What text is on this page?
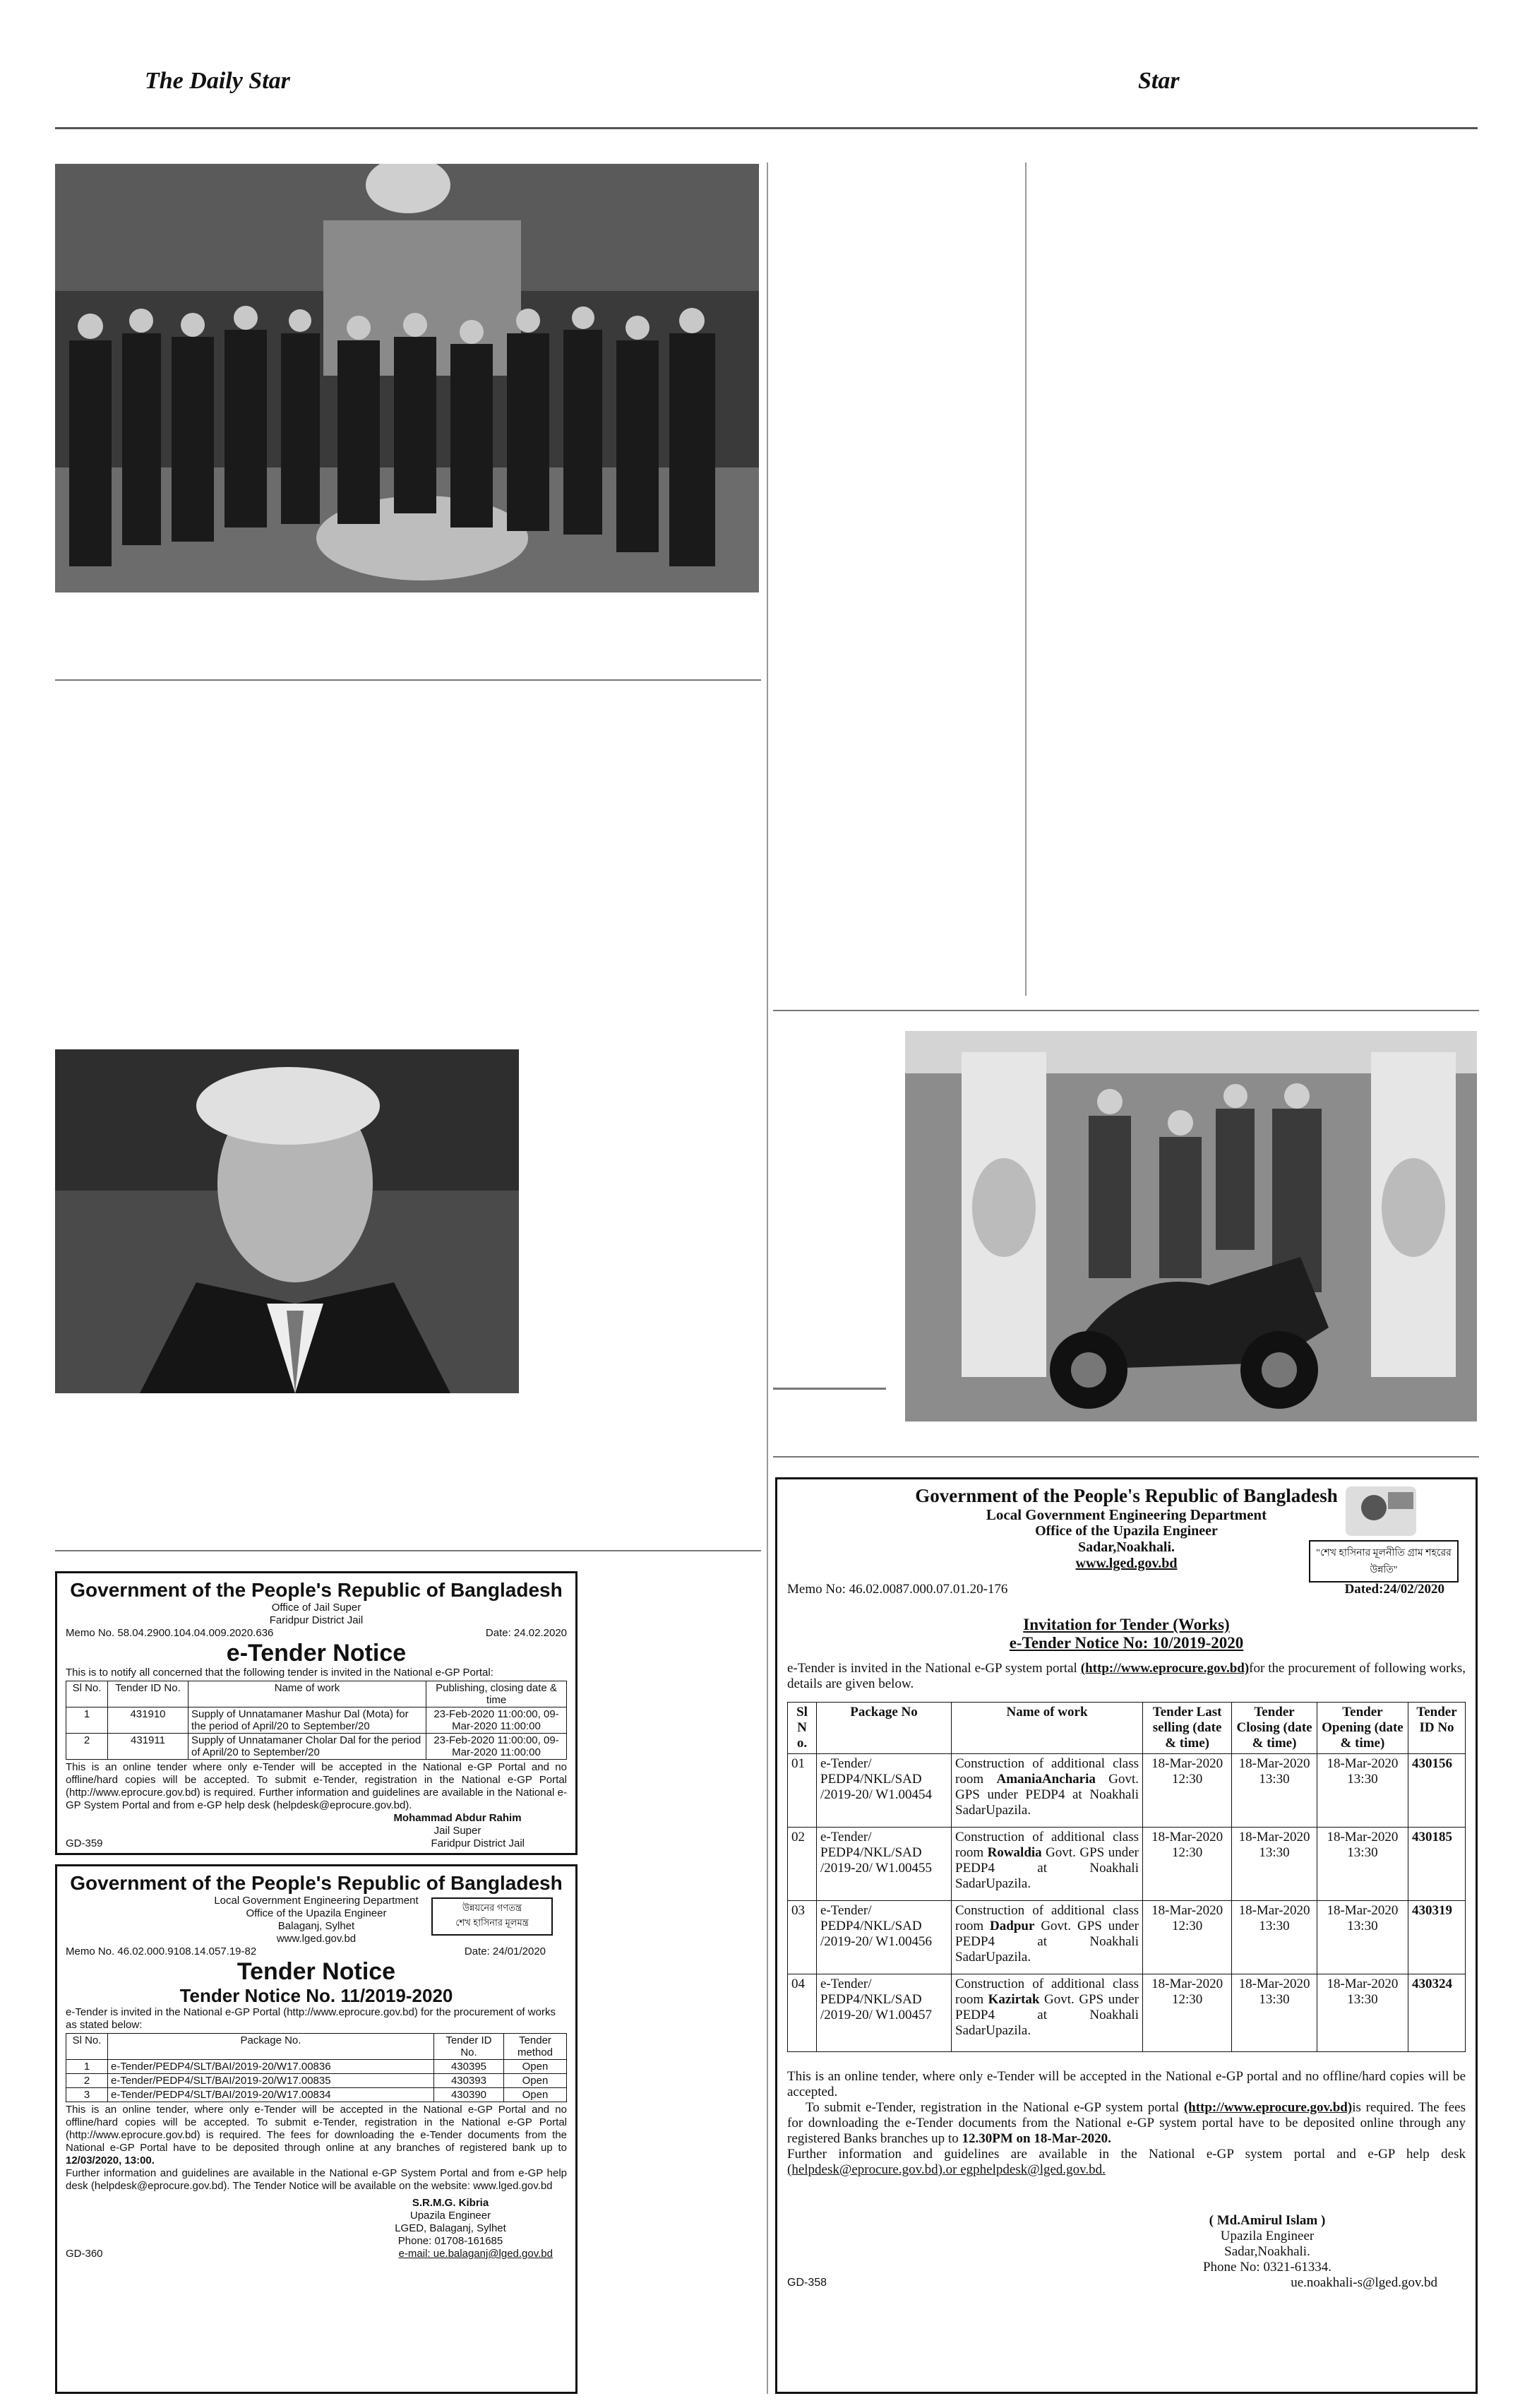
The Daily Star	Star
Government of the People's Republic of Bangladesh
Office of Jail Super
Faridpur District Jail
Memo No. 58.04.2900.104.04.009.2020.636	Date: 24.02.2020
e-Tender Notice
This is to notify all concerned that the following tender is invited in the National e-GP Portal:
Sl No.	Tender ID No.	Name of work	Publishing, closing date & time
1	431910	Supply of Unnatamaner Mashur Dal (Mota) for the period of April/20 to September/20	23-Feb-2020 11:00:00, 09-Mar-2020 11:00:00
2	431911	Supply of Unnatamaner Cholar Dal for the period of April/20 to September/20	23-Feb-2020 11:00:00, 09-Mar-2020 11:00:00
This is an online tender where only e-Tender will be accepted in the National e-GP Portal and no offline/hard copies will be accepted. To submit e-Tender, registration in the National e-GP Portal (http://www.eprocure.gov.bd) is required. Further information and guidelines are available in the National e-GP System Portal and from e-GP help desk (helpdesk@eprocure.gov.bd).
Mohammad Abdur Rahim
Jail Super
GD-359	Faridpur District Jail
Government of the People's Republic of Bangladesh
Local Government Engineering Department
Office of the Upazila Engineer
Balaganj, Sylhet
www.lged.gov.bd
উন্নয়নের গণতন্ত্র
শেখ হাসিনার মূলমন্ত্র
Memo No. 46.02.000.9108.14.057.19-82	Date: 24/01/2020
Tender Notice
Tender Notice No. 11/2019-2020
e-Tender is invited in the National e-GP Portal (http://www.eprocure.gov.bd) for the procurement of works as stated below:
Sl No.	Package No.	Tender ID No.	Tender method
1	e-Tender/PEDP4/SLT/BAI/2019-20/W17.00836	430395	Open
2	e-Tender/PEDP4/SLT/BAI/2019-20/W17.00835	430393	Open
3	e-Tender/PEDP4/SLT/BAI/2019-20/W17.00834	430390	Open
This is an online tender, where only e-Tender will be accepted in the National e-GP Portal and no offline/hard copies will be accepted. To submit e-Tender, registration in the National e-GP Portal (http://www.eprocure.gov.bd) is required. The fees for downloading the e-Tender documents from the National e-GP Portal have to be deposited through online at any branches of registered bank up to 12/03/2020, 13:00.
Further information and guidelines are available in the National e-GP System Portal and from e-GP help desk (helpdesk@eprocure.gov.bd). The Tender Notice will be available on the website: www.lged.gov.bd
S.R.M.G. Kibria
Upazila Engineer
LGED, Balaganj, Sylhet
Phone: 01708-161685
GD-360	e-mail: ue.balaganj@lged.gov.bd
Government of the People's Republic of Bangladesh
Local Government Engineering Department
Office of the Upazila Engineer
Sadar,Noakhali.
www.lged.gov.bd
"শেখ হাসিনার মূলনীতি গ্রাম শহরের উন্নতি"
Memo No: 46.02.0087.000.07.01.20-176	Dated:24/02/2020
Invitation for Tender (Works)
e-Tender Notice No: 10/2019-2020
e-Tender is invited in the National e-GP system portal (http://www.eprocure.gov.bd)for the procurement of following works, details are given below.
Sl N o.	Package No	Name of work	Tender Last selling (date & time)	Tender Closing (date & time)	Tender Opening (date & time)	Tender ID No
01	e-Tender/ PEDP4/NKL/SAD /2019-20/ W1.00454	Construction of additional class room AmaniaAncharia Govt. GPS under PEDP4 at Noakhali SadarUpazila.	18-Mar-2020 12:30	18-Mar-2020 13:30	18-Mar-2020 13:30	430156
02	e-Tender/ PEDP4/NKL/SAD /2019-20/ W1.00455	Construction of additional class room Rowaldia Govt. GPS under PEDP4 at Noakhali SadarUpazila.	18-Mar-2020 12:30	18-Mar-2020 13:30	18-Mar-2020 13:30	430185
03	e-Tender/ PEDP4/NKL/SAD /2019-20/ W1.00456	Construction of additional class room Dadpur Govt. GPS under PEDP4 at Noakhali SadarUpazila.	18-Mar-2020 12:30	18-Mar-2020 13:30	18-Mar-2020 13:30	430319
04	e-Tender/ PEDP4/NKL/SAD /2019-20/ W1.00457	Construction of additional class room Kazirtak Govt. GPS under PEDP4 at Noakhali SadarUpazila.	18-Mar-2020 12:30	18-Mar-2020 13:30	18-Mar-2020 13:30	430324
This is an online tender, where only e-Tender will be accepted in the National e-GP portal and no offline/hard copies will be accepted.
To submit e-Tender, registration in the National e-GP system portal (http://www.eprocure.gov.bd)is required. The fees for downloading the e-Tender documents from the National e-GP system portal have to be deposited online through any registered Banks branches up to 12.30PM on 18-Mar-2020.
Further information and guidelines are available in the National e-GP system portal and e-GP help desk (helpdesk@eprocure.gov.bd).or egphelpdesk@lged.gov.bd.
( Md.Amirul Islam )
Upazila Engineer
Sadar,Noakhali.
Phone No: 0321-61334.
GD-358	ue.noakhali-s@lged.gov.bd
